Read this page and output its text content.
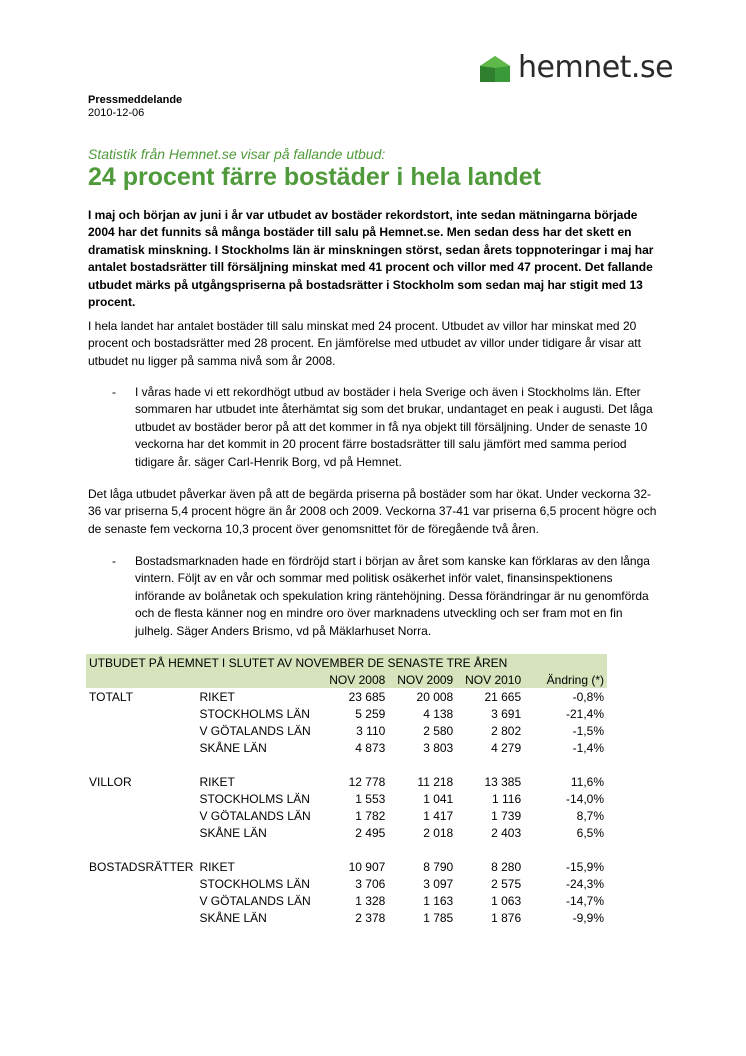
hemnet.se
Pressmeddelande
2010-12-06
Statistik från Hemnet.se visar på fallande utbud:
24 procent färre bostäder i hela landet
I maj och början av juni i år var utbudet av bostäder rekordstort, inte sedan mätningarna började 2004 har det funnits så många bostäder till salu på Hemnet.se. Men sedan dess har det skett en dramatisk minskning. I Stockholms län är minskningen störst, sedan årets toppnoteringar i maj har antalet bostadsrätter till försäljning minskat med 41 procent och villor med 47 procent. Det fallande utbudet märks på utgångspriserna på bostadsrätter i Stockholm som sedan maj har stigit med 13 procent.
I hela landet har antalet bostäder till salu minskat med 24 procent. Utbudet av villor har minskat med 20 procent och bostadsrätter med 28 procent. En jämförelse med utbudet av villor under tidigare år visar att utbudet nu ligger på samma nivå som år 2008.
- I våras hade vi ett rekordhögt utbud av bostäder i hela Sverige och även i Stockholms län. Efter sommaren har utbudet inte återhämtat sig som det brukar, undantaget en peak i augusti. Det låga utbudet av bostäder beror på att det kommer in få nya objekt till försäljning. Under de senaste 10 veckorna har det kommit in 20 procent färre bostadsrätter till salu jämfört med samma period tidigare år. säger Carl-Henrik Borg, vd på Hemnet.
Det låga utbudet påverkar även på att de begärda priserna på bostäder som har ökat. Under veckorna 32-36 var priserna 5,4 procent högre än år 2008 och 2009. Veckorna 37-41 var priserna 6,5 procent högre och de senaste fem veckorna 10,3 procent över genomsnittet för de föregående två åren.
- Bostadsmarknaden hade en fördröjd start i början av året som kanske kan förklaras av den långa vintern. Följt av en vår och sommar med politisk osäkerhet inför valet, finansinspektionens införande av bolånetak och spekulation kring räntehöjning. Dessa förändringar är nu genomförda och de flesta känner nog en mindre oro över marknadens utveckling och ser fram mot en fin julhelg. Säger Anders Brismo, vd på Mäklarhuset Norra.
UTBUDET PÅ HEMNET I SLUTET AV NOVEMBER DE SENASTE TRE ÅREN					
		NOV 2008	NOV 2009	NOV 2010	Ändring (*)
TOTALT	RIKET	23 685	20 008	21 665	-0,8%
	STOCKHOLMS LÄN	5 259	4 138	3 691	-21,4%
	V GÖTALANDS LÄN	3 110	2 580	2 802	-1,5%
	SKÅNE LÄN	4 873	3 803	4 279	-1,4%

VILLOR	RIKET	12 778	11 218	13 385	11,6%
	STOCKHOLMS LÄN	1 553	1 041	1 116	-14,0%
	V GÖTALANDS LÄN	1 782	1 417	1 739	8,7%
	SKÅNE LÄN	2 495	2 018	2 403	6,5%

BOSTADSRÄTTER	RIKET	10 907	8 790	8 280	-15,9%
	STOCKHOLMS LÄN	3 706	3 097	2 575	-24,3%
	V GÖTALANDS LÄN	1 328	1 163	1 063	-14,7%
	SKÅNE LÄN	2 378	1 785	1 876	-9,9%
